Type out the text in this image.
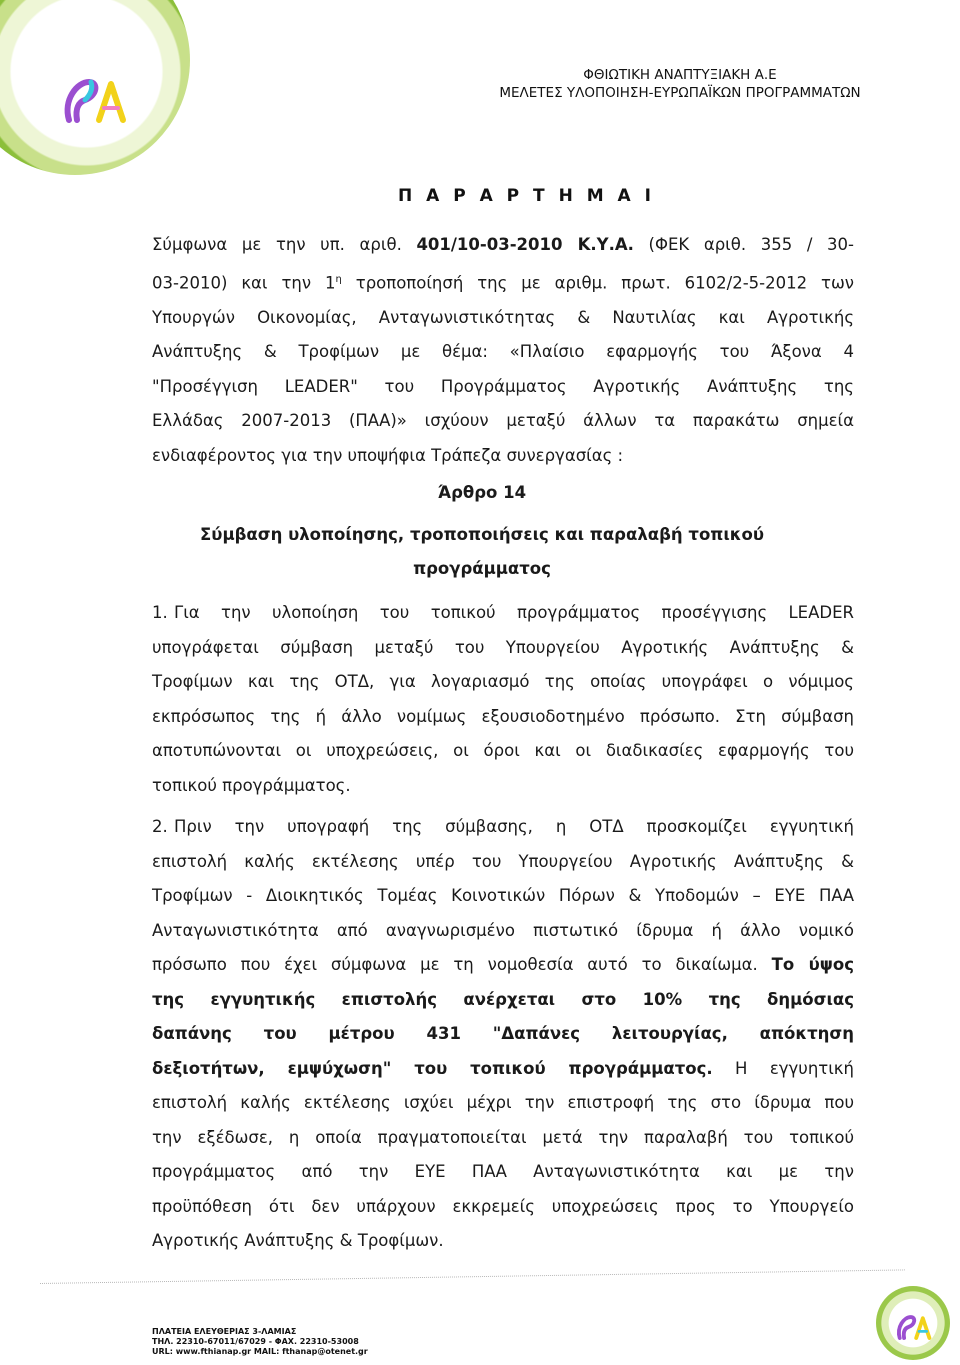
ΦΘΙΩΤΙΚΗ ΑΝΑΠΤΥΞΙΑΚΗ Α.Ε
ΜΕΛΕΤΕΣ ΥΛΟΠΟΙΗΣΗ-ΕΥΡΩΠΑΪΚΩΝ ΠΡΟΓΡΑΜΜΑΤΩΝ
Π Α Ρ Α Ρ Τ Η Μ Α Ι
Σύμφωνα με την υπ. αριθ. 401/10-03-2010 Κ.Υ.Α. (ΦΕΚ αριθ. 355 / 30-
03-2010) και την $1^\eta$ τροποποίησή της με αριθμ. πρωτ. 6102/2-5-2012 των
Υπουργών Οικονομίας, Ανταγωνιστικότητας & Ναυτιλίας και Αγροτικής
Ανάπτυξης & Τροφίμων με θέμα: «Πλαίσιο εφαρμογής του Άξονα 4
"Προσέγγιση LEADER" του Προγράμματος Αγροτικής Ανάπτυξης της
Ελλάδας 2007-2013 (ΠΑΑ)» ισχύουν μεταξύ άλλων τα παρακάτω σημεία
ενδιαφέροντος για την υποψήφια Τράπεζα συνεργασίας :
Άρθρο 14
Σύμβαση υλοποίησης, τροποποιήσεις και παραλαβή τοπικού
προγράμματος
1. Για την υλοποίηση του τοπικού προγράμματος προσέγγισης LEADER
υπογράφεται σύμβαση μεταξύ του Υπουργείου Αγροτικής Ανάπτυξης &
Τροφίμων και της ΟΤΔ, για λογαριασμό της οποίας υπογράφει ο νόμιμος
εκπρόσωπος της ή άλλο νομίμως εξουσιοδοτημένο πρόσωπο. Στη σύμβαση
αποτυπώνονται οι υποχρεώσεις, οι όροι και οι διαδικασίες εφαρμογής του
τοπικού προγράμματος.
2. Πριν την υπογραφή της σύμβασης, η ΟΤΔ προσκομίζει εγγυητική
επιστολή καλής εκτέλεσης υπέρ του Υπουργείου Αγροτικής Ανάπτυξης &
Τροφίμων - Διοικητικός Τομέας Κοινοτικών Πόρων & Υποδομών – ΕΥΕ ΠΑΑ
Ανταγωνιστικότητα από αναγνωρισμένο πιστωτικό ίδρυμα ή άλλο νομικό
πρόσωπο που έχει σύμφωνα με τη νομοθεσία αυτό το δικαίωμα. Το ύψος
της εγγυητικής επιστολής ανέρχεται στο 10% της δημόσιας
δαπάνης του μέτρου 431 "Δαπάνες λειτουργίας, απόκτηση
δεξιοτήτων, εμψύχωση" του τοπικού προγράμματος. Η εγγυητική
επιστολή καλής εκτέλεσης ισχύει μέχρι την επιστροφή της στο ίδρυμα που
την εξέδωσε, η οποία πραγματοποιείται μετά την παραλαβή του τοπικού
προγράμματος από την ΕΥΕ ΠΑΑ Ανταγωνιστικότητα και με την
προϋπόθεση ότι δεν υπάρχουν εκκρεμείς υποχρεώσεις προς το Υπουργείο
Αγροτικής Ανάπτυξης & Τροφίμων.
ΠΛΑΤΕΙΑ ΕΛΕΥΘΕΡΙΑΣ 3-ΛΑΜΙΑΣ
ΤΗΛ. 22310-67011/67029 - ΦΑΧ. 22310-53008
URL: www.fthianap.gr MAIL: fthanap@otenet.gr
